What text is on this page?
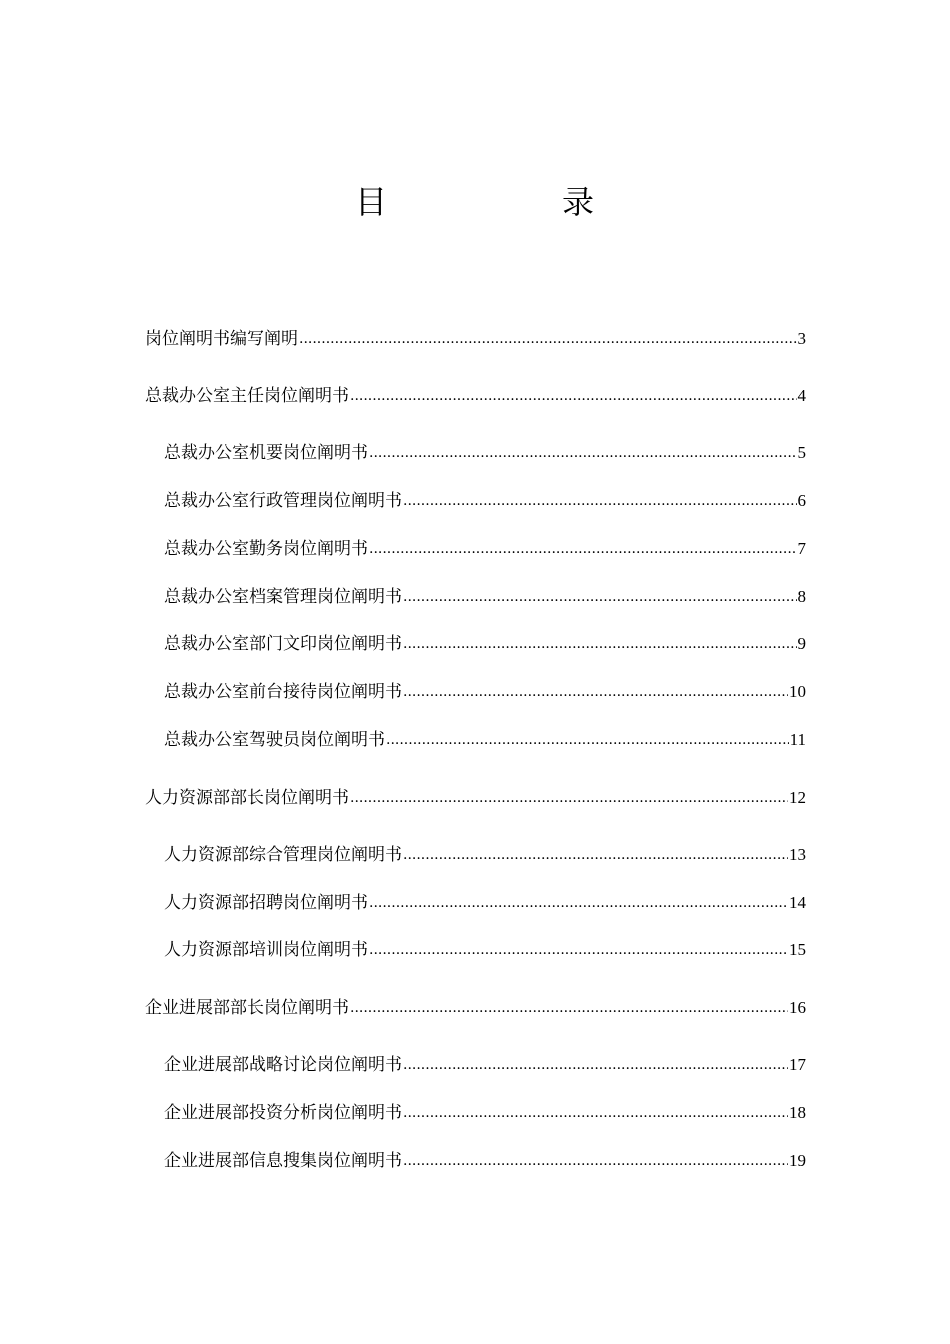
目	录
岗位阐明书编写阐明 .....	3
总裁办公室主任岗位阐明书 .....	4
总裁办公室机要岗位阐明书 .....	5
总裁办公室行政管理岗位阐明书 .....	6
总裁办公室勤务岗位阐明书 .....	7
总裁办公室档案管理岗位阐明书 .....	8
总裁办公室部门文印岗位阐明书 .....	9
总裁办公室前台接待岗位阐明书 .....	10
总裁办公室驾驶员岗位阐明书 .....	11
人力资源部部长岗位阐明书 .....	12
人力资源部综合管理岗位阐明书 .....	13
人力资源部招聘岗位阐明书 .....	14
人力资源部培训岗位阐明书 .....	15
企业进展部部长岗位阐明书 .....	16
企业进展部战略讨论岗位阐明书 .....	17
企业进展部投资分析岗位阐明书 .....	18
企业进展部信息搜集岗位阐明书 .....	19
